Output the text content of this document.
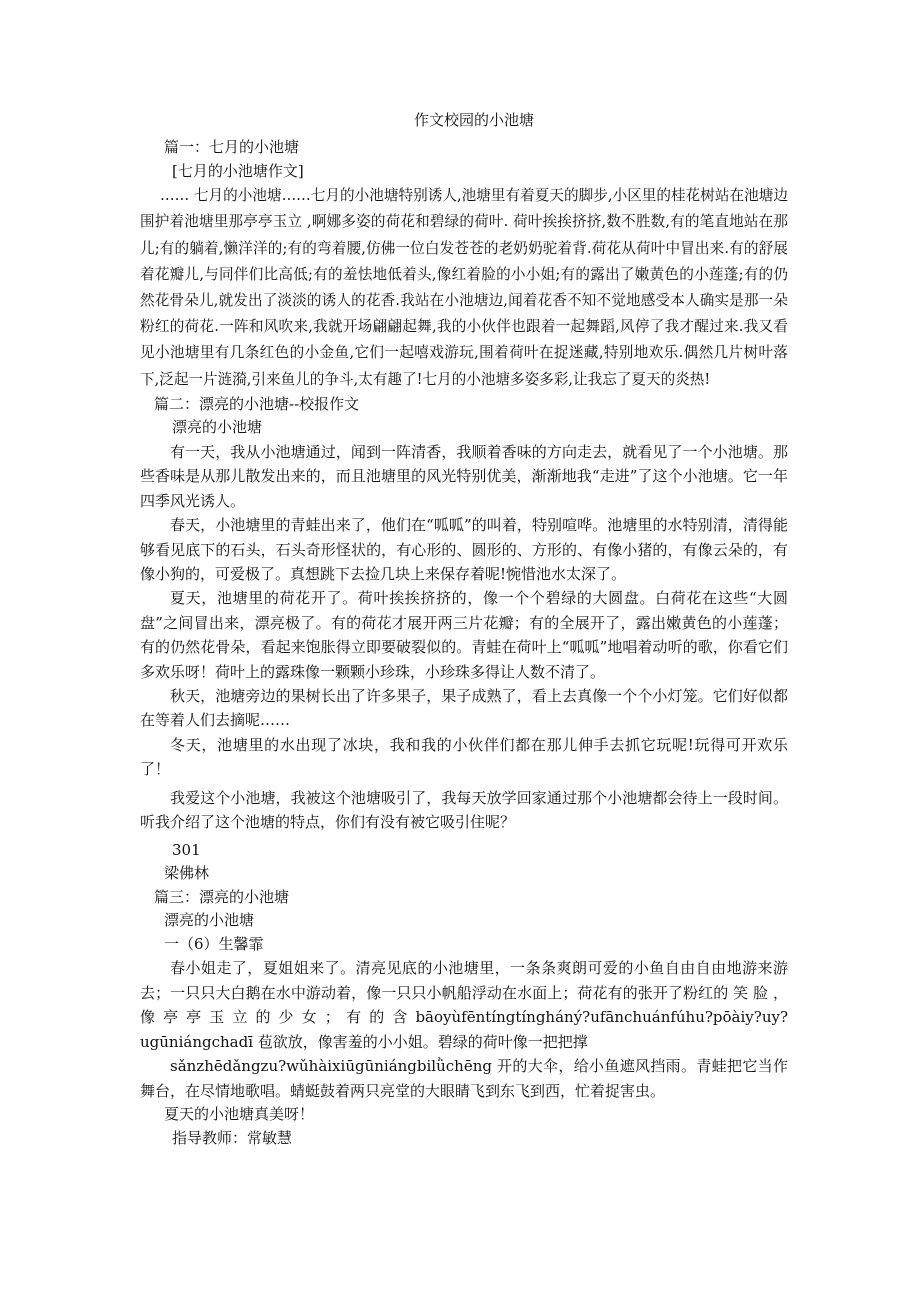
作文校园的小池塘

篇一：七月的小池塘

[七月的小池塘作文]

…… 七月的小池塘……七月的小池塘特别诱人,池塘里有着夏天的脚步,小区里的桂花树站在池塘边围护着池塘里那亭亭玉立 ,啊娜多姿的荷花和碧绿的荷叶. 荷叶挨挨挤挤,数不胜数,有的笔直地站在那儿;有的躺着,懒洋洋的;有的弯着腰,仿佛一位白发苍苍的老奶奶驼着背.荷花从荷叶中冒出来.有的舒展着花瓣儿,与同伴们比高低;有的羞怯地低着头,像红着脸的小小姐;有的露出了嫩黄色的小莲蓬;有的仍然花骨朵儿,就发出了淡淡的诱人的花香.我站在小池塘边,闻着花香不知不觉地感受本人确实是那一朵粉红的荷花.一阵和风吹来,我就开场翩翩起舞,我的小伙伴也跟着一起舞蹈,风停了我才醒过来.我又看见小池塘里有几条红色的小金鱼,它们一起嘻戏游玩,围着荷叶在捉迷藏,特别地欢乐.偶然几片树叶落下,泛起一片涟漪,引来鱼儿的争斗,太有趣了!七月的小池塘多姿多彩,让我忘了夏天的炎热!

篇二：漂亮的小池塘--校报作文

漂亮的小池塘

有一天，我从小池塘通过，闻到一阵清香，我顺着香味的方向走去，就看见了一个小池塘。那些香味是从那儿散发出来的，而且池塘里的风光特别优美，渐渐地我“走进”了这个小池塘。它一年四季风光诱人。

春天，小池塘里的青蛙出来了，他们在“呱呱”的叫着，特别喧哗。池塘里的水特别清，清得能够看见底下的石头，石头奇形怪状的，有心形的、圆形的、方形的、有像小猪的，有像云朵的，有像小狗的，可爱极了。真想跳下去捡几块上来保存着呢!惋惜池水太深了。

夏天，池塘里的荷花开了。荷叶挨挨挤挤的，像一个个碧绿的大圆盘。白荷花在这些“大圆盘”之间冒出来，漂亮极了。有的荷花才展开两三片花瓣；有的全展开了，露出嫩黄色的小莲蓬；有的仍然花骨朵，看起来饱胀得立即要破裂似的。青蛙在荷叶上“呱呱”地唱着动听的歌，你看它们多欢乐呀！荷叶上的露珠像一颗颗小珍珠，小珍珠多得让人数不清了。

秋天，池塘旁边的果树长出了许多果子，果子成熟了，看上去真像一个个小灯笼。它们好似都在等着人们去摘呢……

冬天，池塘里的水出现了冰块，我和我的小伙伴们都在那儿伸手去抓它玩呢!玩得可开欢乐了！

我爱这个小池塘，我被这个池塘吸引了，我每天放学回家通过那个小池塘都会待上一段时间。听我介绍了这个池塘的特点，你们有没有被它吸引住呢？

301

梁佛林

篇三：漂亮的小池塘

漂亮的小池塘

一（6）生馨霏

春小姐走了，夏姐姐来了。清亮见底的小池塘里，一条条爽朗可爱的小鱼自由自由地游来游去；一只只大白鹅在水中游动着，像一只只小帆船浮动在水面上；荷花有的张开了粉红的 笑 脸 ， 像 亭 亭 玉 立 的 少 女 ； 有 的 含 bāoyùfēntíngtíngháný?ufānchuánfúhu?pōàiy?uy?ugūniángchadī 苞欲放，像害羞的小小姐。碧绿的荷叶像一把把撑

sǎnzhēdǎngzu?wǔhàixiūgūniángbilǜchēng 开的大伞，给小鱼遮风挡雨。青蛙把它当作舞台，在尽情地歌唱。蜻蜓鼓着两只亮堂的大眼睛飞到东飞到西，忙着捉害虫。

夏天的小池塘真美呀！

指导教师：常敏慧
